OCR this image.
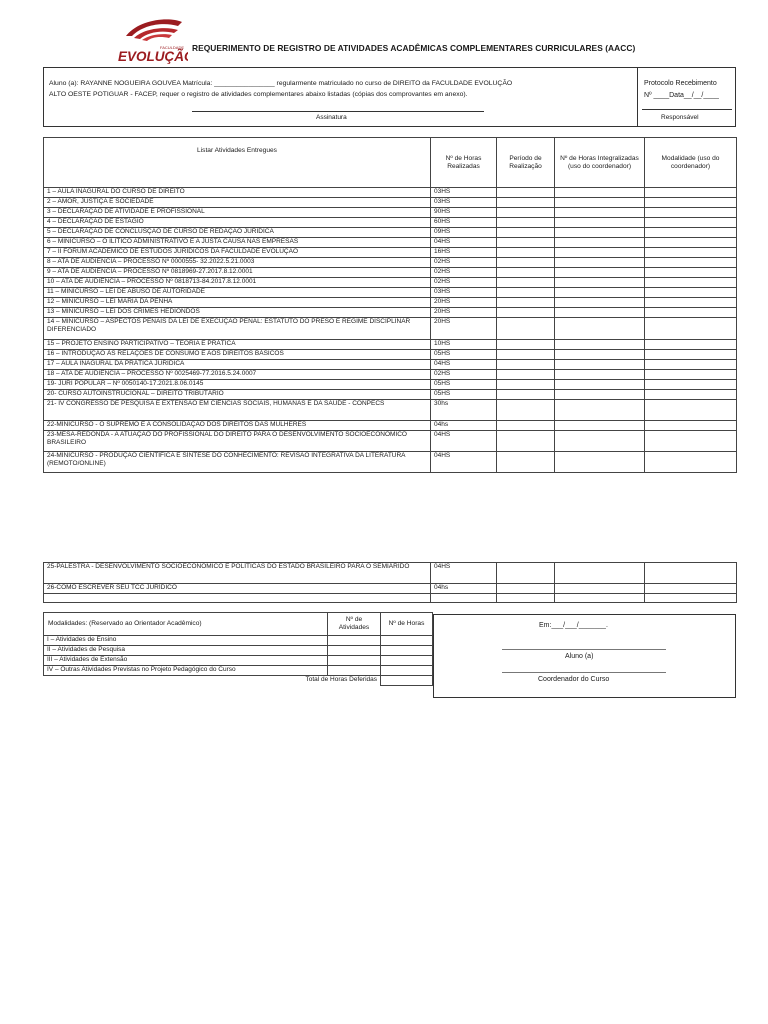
FACULDADE
EVOLUÇÃO
REQUERIMENTO DE REGISTRO DE ATIVIDADES ACADÊMICAS COMPLEMENTARES CURRICULARES (AACC)
Aluno (a): RAYANNE NOGUEIRA GOUVEA Matrícula: ________________ regularmente matriculado no curso de DIREITO da FACULDADE EVOLUÇÃO
ALTO OESTE POTIGUAR - FACEP, requer o registro de atividades complementares abaixo listadas (cópias dos comprovantes em anexo).
Assinatura
Protocolo Recebimento
Nº ____Data__/__/____
Responsável
Listar Atividades Entregues	Nº de Horas Realizadas	Período de Realização	Nº de Horas Integralizadas (uso do coordenador)	Modalidade (uso do coordenador)
1 – AULA INAGURAL DO CURSO DE DIREITO	03HS			
2 – AMOR, JUSTIÇA E SOCIEDADE	03HS			
3 – DECLARAÇÃO DE ATIVIDADE E PROFISSIONAL	90HS			
4 – DECLARAÇÃO DE ESTAGIO	60HS			
5 – DECLARAÇÃO DE CONCLUSÇÃO DE CURSO DE REDAÇÃO JURIDICA	09HS			
6 – MINICURSO – O ILITICO ADMINISTRATIVO E A JUSTA CAUSA NAS EMPRESAS	04HS			
7 – II FORUM ACADEMICO DE ESTUDOS JURÍDICOS DA FACULDADE EVOLUÇÃO	16HS			
8 – ATA DE AUDIENCIA – PROCESSO Nº 0000555- 32.2022.5.21.0003	02HS			
9 – ATA DE AUDIÊNCIA – PROCESSO Nº 0818969-27.2017.8.12.0001	02HS			
10 – ATA DE AUDIÊNCIA – PROCESSO Nº 0818713-84.2017.8.12.0001	02HS			
11 – MINICURSO – LEI DE ABUSO DE AUTORIDADE	03HS			
12 – MINICURSO – LEI MARIA DA PENHA	20HS			
13 – MINICURSO – LEI DOS CRIMES HEDIONDOS	20HS			
14 – MINICURSO – ASPECTOS PENAIS DA LEI DE EXECUÇÃO PENAL: ESTATUTO DO PRESO E REGIME DISCIPLINAR DIFERENCIADO	20HS			
15 – PROJETO ENSINO PARTICIPATIVO – TEORIA E PRÁTICA	10HS			
16 – INTRODUÇÃO ÀS RELAÇÕES DE CONSUMO E AOS DIREITOS BÁSICOS	05HS			
17 – AULA INAGURAL DA PRÁTICA JURIDICA	04HS			
18 – ATA DE AUDIÊNCIA – PROCESSO Nº 0025469-77.2016.5.24.0007	02HS			
19- JURI POPULAR – Nº 0050140-17.2021.8.06.0145	05HS			
20- CURSO AUTOINSTRUCIONAL – DIREITO TRIBUTÁRIO	05HS			
21- IV CONGRESSO DE PESQUISA E EXTENSÃO EM CIÊNCIAS SOCIAIS, HUMANAS E DA SAÚDE - CONPECS	30hs			
22-MINICURSO - O SUPREMO E A CONSOLIDAÇÃO DOS DIREITOS DAS MULHERES	04hs			
23-MESA-REDONDA - A ATUAÇÃO DO PROFISSIONAL DO DIREITO PARA O DESENVOLVIMENTO SOCIOECONÔMICO BRASILEIRO	04HS			
24-MINICURSO - PRODUÇÃO CIENTÍFICA E SÍNTESE DO CONHECIMENTO: REVISÃO INTEGRATIVA DA LITERATURA (REMOTO/ONLINE)	04HS			
25-PALESTRA - DESENVOLVIMENTO SOCIOECONÔMICO E POLÍTICAS DO ESTADO BRASILEIRO PARA O SEMIÁRIDO	04HS			
26-COMO ESCREVER SEU TCC JURÍDICO	04hs			

Modalidades: (Reservado ao Orientador Acadêmico)	Nº de Atividades	Nº de Horas
I – Atividades de Ensino		
II – Atividades de Pesquisa		
III – Atividades de Extensão		
IV – Outras Atividades Previstas no Projeto Pedagógico do Curso		
Total de Horas Deferidas		
Em:___/___/_______.
Aluno (a)
Coordenador do Curso
